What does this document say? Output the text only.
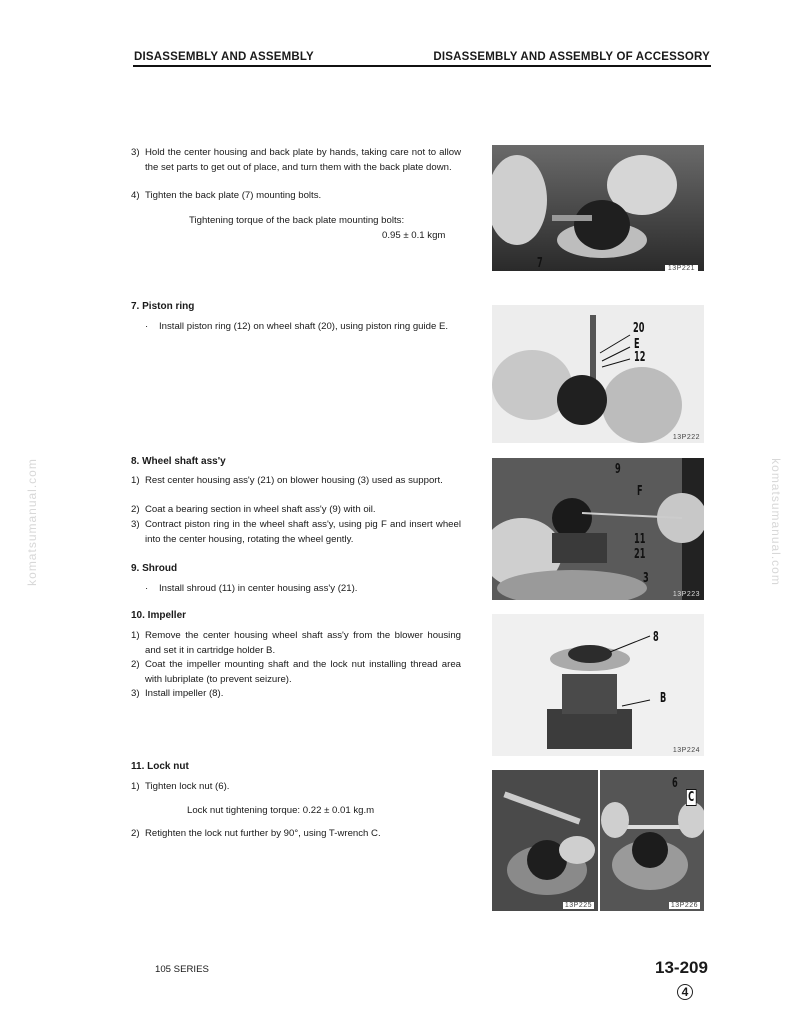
DISASSEMBLY AND ASSEMBLY	DISASSEMBLY AND ASSEMBLY OF ACCESSORY
komatsumanual.com	komatsumanual.com
3) Hold the center housing and back plate by hands, taking care not to allow the set parts to get out of place, and turn them with the back plate down.
4) Tighten the back plate (7) mounting bolts.
Tightening torque of the back plate mounting bolts:
0.95 ± 0.1 kgm
7. Piston ring
· Install piston ring (12) on wheel shaft (20), using piston ring guide E.
8. Wheel shaft ass'y
1) Rest center housing ass'y (21) on blower housing (3) used as support.
2) Coat a bearing section in wheel shaft ass'y (9) with oil.
3) Contract piston ring in the wheel shaft ass'y, using pig F and insert wheel into the center housing, rotating the wheel gently.
9. Shroud
· Install shroud (11) in center housing ass'y (21).
10. Impeller
1) Remove the center housing wheel shaft ass'y from the blower housing and set it in cartridge holder B.
2) Coat the impeller mounting shaft and the lock nut installing thread area with lubriplate (to prevent seizure).
3) Install impeller (8).
11. Lock nut
1) Tighten lock nut (6).
Lock nut tightening torque: 0.22 ± 0.01 kg.m
2) Retighten the lock nut further by 90°, using T-wrench C.
13P221
7
13P222
20
E
12
13P223
9
F
11
21
3
13P224
8
B
13P225	13P226
6
C
105 SERIES	13-209
4
